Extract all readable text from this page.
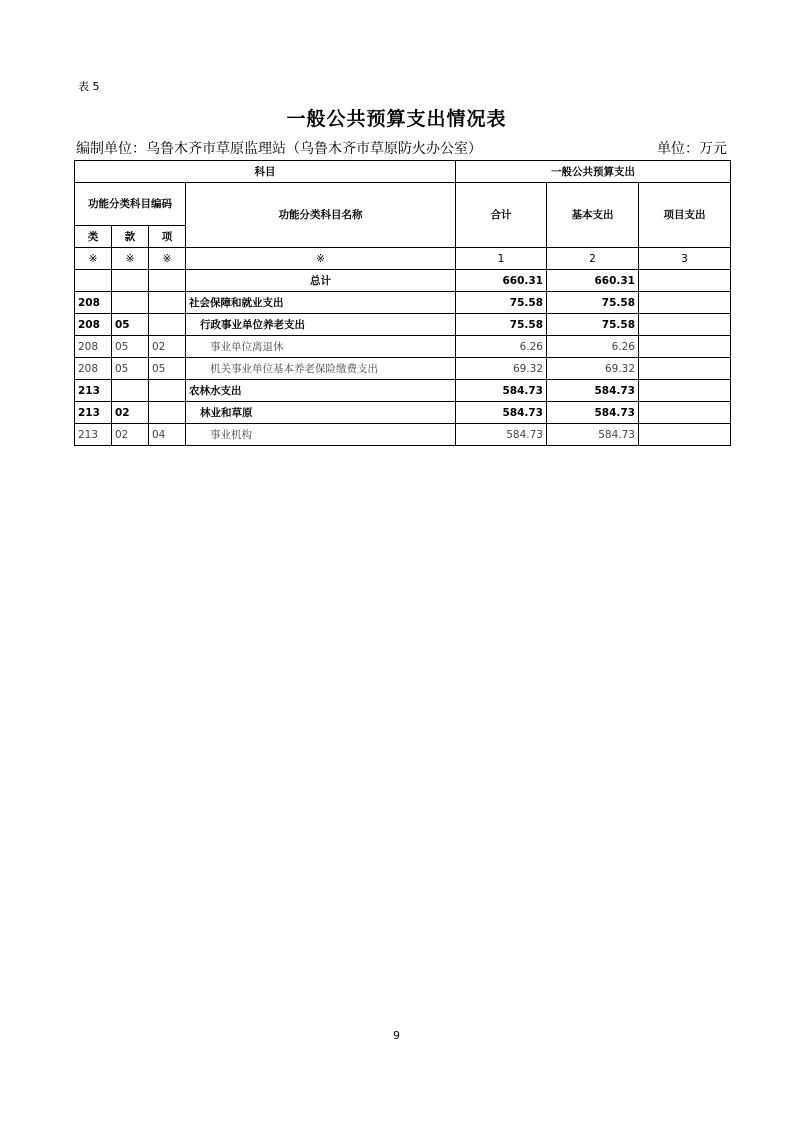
表 5
一般公共预算支出情况表
编制单位：乌鲁木齐市草原监理站（乌鲁木齐市草原防火办公室）	单位：万元
科目				一般公共预算支出		
功能分类科目编码			功能分类科目名称	合计	基本支出	项目支出
类	款	项				
※	※	※	※	1	2	3
			总计	660.31	660.31	
208			社会保障和就业支出	75.58	75.58	
208	05		行政事业单位养老支出	75.58	75.58	
208	05	02	事业单位离退休	6.26	6.26	
208	05	05	机关事业单位基本养老保险缴费支出	69.32	69.32	
213			农林水支出	584.73	584.73	
213	02		林业和草原	584.73	584.73	
213	02	04	事业机构	584.73	584.73	
9
